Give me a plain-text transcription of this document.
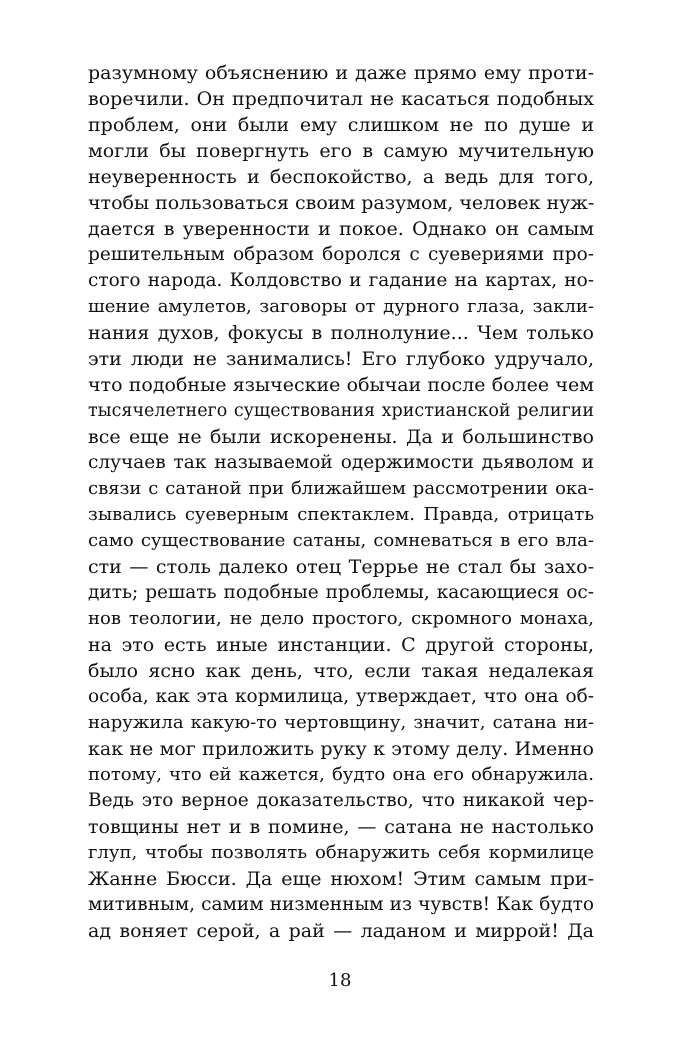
разумному объяснению и даже прямо ему проти-
воречили. Он предпочитал не касаться подобных
проблем, они были ему слишком не по душе и
могли бы повергнуть его в самую мучительную
неуверенность и беспокойство, а ведь для того,
чтобы пользоваться своим разумом, человек нуж-
дается в уверенности и покое. Однако он самым
решительным образом боролся с суевериями про-
стого народа. Колдовство и гадание на картах, но-
шение амулетов, заговоры от дурного глаза, закли-
нания духов, фокусы в полнолуние... Чем только
эти люди не занимались! Его глубоко удручало,
что подобные языческие обычаи после более чем
тысячелетнего существования христианской религии
все еще не были искоренены. Да и большинство
случаев так называемой одержимости дьяволом и
связи с сатаной при ближайшем рассмотрении ока-
зывались суеверным спектаклем. Правда, отрицать
само существование сатаны, сомневаться в его вла-
сти — столь далеко отец Террье не стал бы захо-
дить; решать подобные проблемы, касающиеся ос-
нов теологии, не дело простого, скромного монаха,
на это есть иные инстанции. С другой стороны,
было ясно как день, что, если такая недалекая
особа, как эта кормилица, утверждает, что она об-
наружила какую-то чертовщину, значит, сатана ни-
как не мог приложить руку к этому делу. Именно
потому, что ей кажется, будто она его обнаружила.
Ведь это верное доказательство, что никакой чер-
товщины нет и в помине, — сатана не настолько
глуп, чтобы позволять обнаружить себя кормилице
Жанне Бюсси. Да еще нюхом! Этим самым при-
митивным, самим низменным из чувств! Как будто
ад воняет серой, а рай — ладаном и миррой! Да
18
